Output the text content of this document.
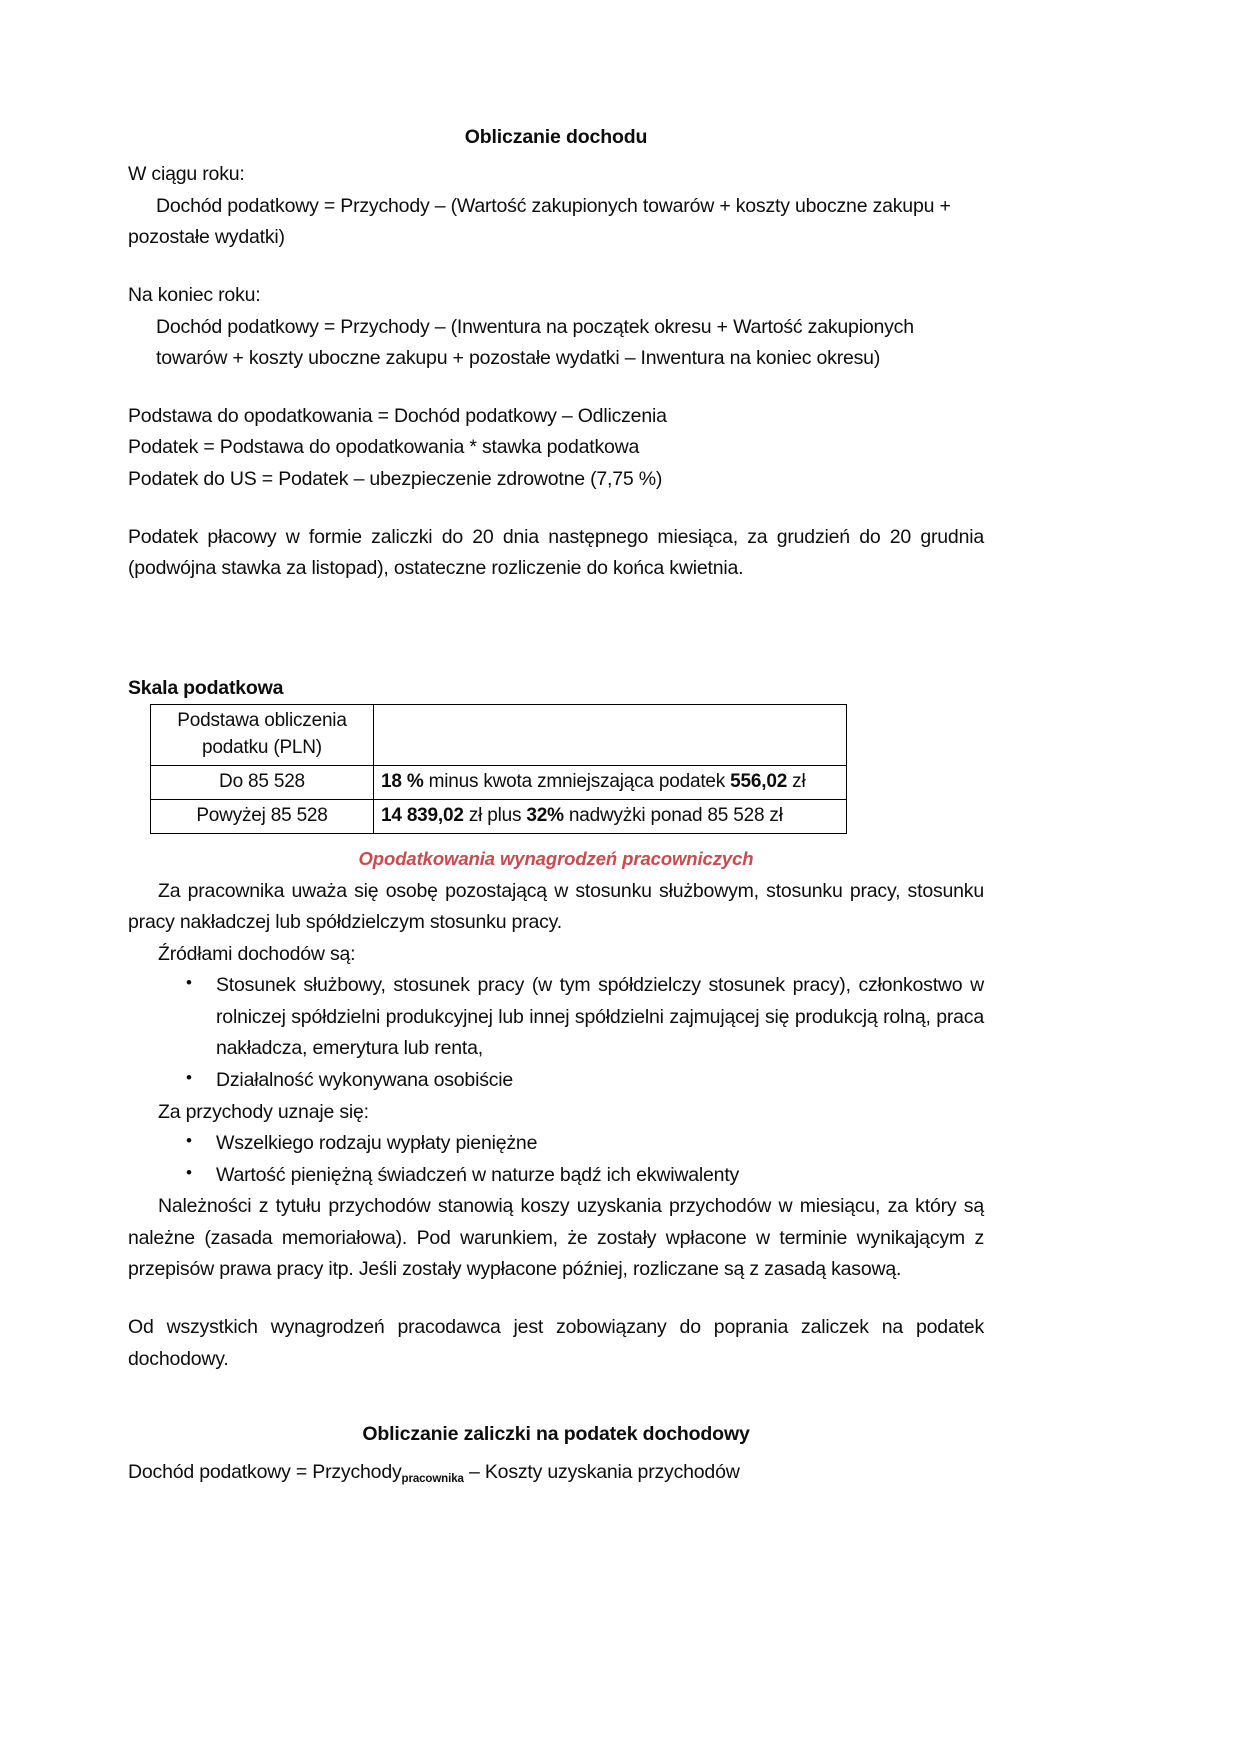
Obliczanie dochodu
W ciągu roku:
Dochód podatkowy = Przychody – (Wartość zakupionych towarów + koszty uboczne zakupu +
pozostałe wydatki)
Na koniec roku:
Dochód podatkowy = Przychody – (Inwentura na początek okresu + Wartość zakupionych
towarów + koszty uboczne zakupu + pozostałe wydatki – Inwentura na koniec okresu)
Podstawa do opodatkowania = Dochód podatkowy – Odliczenia
Podatek = Podstawa do opodatkowania * stawka podatkowa
Podatek do US = Podatek – ubezpieczenie zdrowotne (7,75 %)
Podatek płacowy w formie zaliczki do 20 dnia następnego miesiąca, za grudzień do 20 grudnia (podwójna stawka za listopad), ostateczne rozliczenie do końca kwietnia.
Skala podatkowa
Podstawa obliczenia
podatku (PLN)	

Do 85 528	18 % minus kwota zmniejszająca podatek 556,02 zł
Powyżej 85 528	14 839,02 zł plus 32% nadwyżki ponad 85 528 zł
Opodatkowania wynagrodzeń pracowniczych
Za pracownika uważa się osobę pozostającą w stosunku służbowym, stosunku pracy, stosunku pracy nakładczej lub spółdzielczym stosunku pracy.
Źródłami dochodów są:
• Stosunek służbowy, stosunek pracy (w tym spółdzielczy stosunek pracy), członkostwo w rolniczej spółdzielni produkcyjnej lub innej spółdzielni zajmującej się produkcją rolną, praca nakładcza, emerytura lub renta,
• Działalność wykonywana osobiście
Za przychody uznaje się:
• Wszelkiego rodzaju wypłaty pieniężne
• Wartość pieniężną świadczeń w naturze bądź ich ekwiwalenty
Należności z tytułu przychodów stanowią koszy uzyskania przychodów w miesiącu, za który są należne (zasada memoriałowa). Pod warunkiem, że zostały wpłacone w terminie wynikającym z przepisów prawa pracy itp. Jeśli zostały wypłacone później, rozliczane są z zasadą kasową.
Od wszystkich wynagrodzeń pracodawca jest zobowiązany do poprania zaliczek na podatek dochodowy.
Obliczanie zaliczki na podatek dochodowy
Dochód podatkowy = Przychody$_{pracownika}$ – Koszty uzyskania przychodów
